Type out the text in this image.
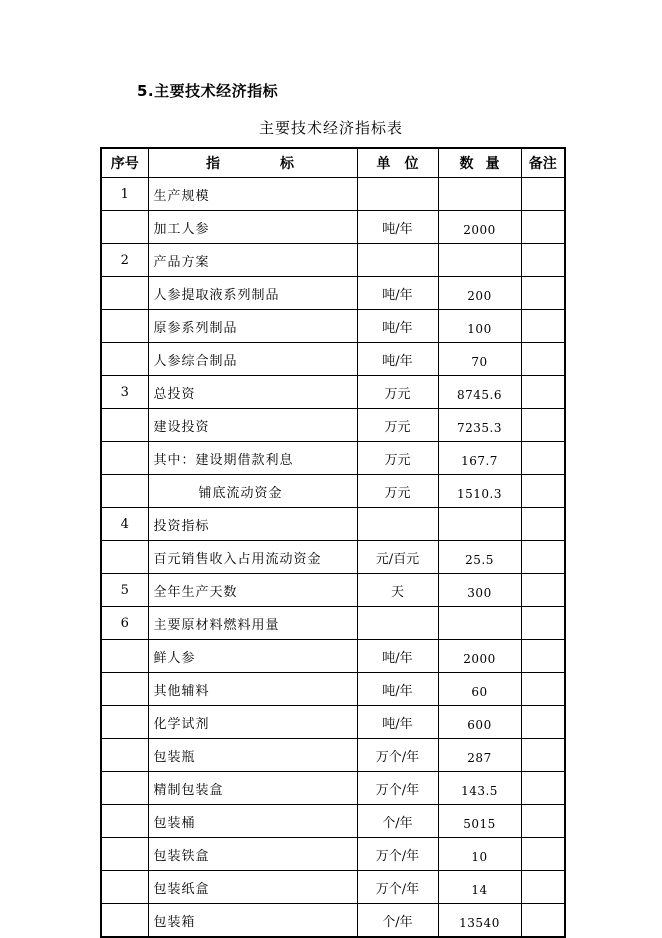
5.主要技术经济指标
主要技术经济指标表
序号	指标	单位	数量	备注
1	生产规模			
	加工人参	吨/年	2000	
2	产品方案			
	人参提取液系列制品	吨/年	200	
	原参系列制品	吨/年	100	
	人参综合制品	吨/年	70	
3	总投资	万元	8745.6	
	建设投资	万元	7235.3	
	其中：建设期借款利息	万元	167.7	
	铺底流动资金	万元	1510.3	
4	投资指标			
	百元销售收入占用流动资金	元/百元	25.5	
5	全年生产天数	天	300	
6	主要原材料燃料用量			
	鲜人参	吨/年	2000	
	其他辅料	吨/年	60	
	化学试剂	吨/年	600	
	包装瓶	万个/年	287	
	精制包装盒	万个/年	143.5	
	包装桶	个/年	5015	
	包装铁盒	万个/年	10	
	包装纸盒	万个/年	14	
	包装箱	个/年	13540	
